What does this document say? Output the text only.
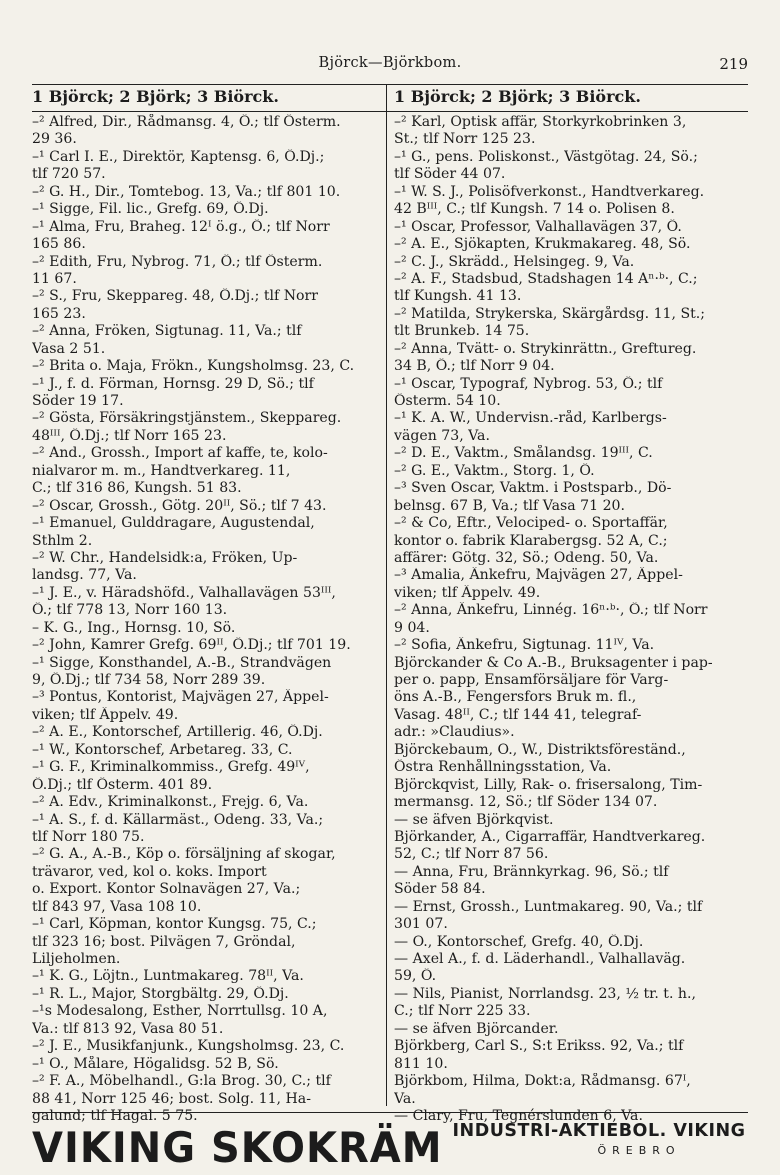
Björck—Björkbom.	219
1 Björck; 2 Björk; 3 Biörck.	1 Björck; 2 Björk; 3 Biörck.
–² Alfred, Dir., Rådmansg. 4, Ö.; tlf Österm.
29 36.
–¹ Carl I. E., Direktör, Kaptensg. 6, Ö.Dj.;
tlf 720 57.
–² G. H., Dir., Tomtebog. 13, Va.; tlf 801 10.
–¹ Sigge, Fil. lic., Grefg. 69, Ö.Dj.
–¹ Alma, Fru, Braheg. 12ᴵ ö.g., Ö.; tlf Norr
165 86.
–² Edith, Fru, Nybrog. 71, Ö.; tlf Österm.
11 67.
–² S., Fru, Skeppareg. 48, Ö.Dj.; tlf Norr
165 23.
–² Anna, Fröken, Sigtunag. 11, Va.; tlf
Vasa 2 51.
–² Brita o. Maja, Frökn., Kungsholmsg. 23, C.
–¹ J., f. d. Förman, Hornsg. 29 D, Sö.; tlf
Söder 19 17.
–² Gösta, Försäkringstjänstem., Skeppareg.
48ᴵᴵᴵ, Ö.Dj.; tlf Norr 165 23.
–² And., Grossh., Import af kaffe, te, kolo-
nialvaror m. m., Handtverkareg. 11,
C.; tlf 316 86, Kungsh. 51 83.
–² Oscar, Grossh., Götg. 20ᴵᴵ, Sö.; tlf 7 43.
–¹ Emanuel, Gulddragare, Augustendal,
Sthlm 2.
–² W. Chr., Handelsidk:a, Fröken, Up-
landsg. 77, Va.
–¹ J. E., v. Häradshöfd., Valhallavägen 53ᴵᴵᴵ,
Ö.; tlf 778 13, Norr 160 13.
– K. G., Ing., Hornsg. 10, Sö.
–² John, Kamrer Grefg. 69ᴵᴵ, Ö.Dj.; tlf 701 19.
–¹ Sigge, Konsthandel, A.-B., Strandvägen
9, Ö.Dj.; tlf 734 58, Norr 289 39.
–³ Pontus, Kontorist, Majvägen 27, Äppel-
viken; tlf Äppelv. 49.
–² A. E., Kontorschef, Artillerig. 46, Ö.Dj.
–¹ W., Kontorschef, Arbetareg. 33, C.
–¹ G. F., Kriminalkommiss., Grefg. 49ᴵⱽ,
Ö.Dj.; tlf Österm. 401 89.
–² A. Edv., Kriminalkonst., Frejg. 6, Va.
–¹ A. S., f. d. Källarmäst., Odeng. 33, Va.;
tlf Norr 180 75.
–² G. A., A.-B., Köp o. försäljning af skogar,
trävaror, ved, kol o. koks. Import
o. Export. Kontor Solnavägen 27, Va.;
tlf 843 97, Vasa 108 10.
–¹ Carl, Köpman, kontor Kungsg. 75, C.;
tlf 323 16; bost. Pilvägen 7, Gröndal,
Liljeholmen.
–¹ K. G., Löjtn., Luntmakareg. 78ᴵᴵ, Va.
–¹ R. L., Major, Storgbältg. 29, Ö.Dj.
–¹s Modesalong, Esther, Norrtullsg. 10 A,
Va.: tlf 813 92, Vasa 80 51.
–² J. E., Musikfanjunk., Kungsholmsg. 23, C.
–¹ O., Målare, Högalidsg. 52 B, Sö.
–² F. A., Möbelhandl., G:la Brog. 30, C.; tlf
88 41, Norr 125 46; bost. Solg. 11, Ha-
galund; tlf Hagal. 5 75.
–² Karl, Optisk affär, Storkyrkobrinken 3,
St.; tlf Norr 125 23.
–¹ G., pens. Poliskonst., Västgötag. 24, Sö.;
tlf Söder 44 07.
–¹ W. S. J., Polisöfverkonst., Handtverkareg.
42 Bᴵᴵᴵ, C.; tlf Kungsh. 7 14 o. Polisen 8.
–¹ Oscar, Professor, Valhallavägen 37, Ö.
–² A. E., Sjökapten, Krukmakareg. 48, Sö.
–² C. J., Skrädd., Helsingeg. 9, Va.
–² A. F., Stadsbud, Stadshagen 14 Aⁿ·ᵇ·, C.;
tlf Kungsh. 41 13.
–² Matilda, Strykerska, Skärgårdsg. 11, St.;
tlt Brunkeb. 14 75.
–² Anna, Tvätt- o. Strykinrättn., Greftureg.
34 B, Ö.; tlf Norr 9 04.
–¹ Oscar, Typograf, Nybrog. 53, Ö.; tlf
Österm. 54 10.
–¹ K. A. W., Undervisn.-råd, Karlbergs-
vägen 73, Va.
–² D. E., Vaktm., Smålandsg. 19ᴵᴵᴵ, C.
–² G. E., Vaktm., Storg. 1, Ö.
–³ Sven Oscar, Vaktm. i Postsparb., Dö-
belnsg. 67 B, Va.; tlf Vasa 71 20.
–² & Co, Eftr., Velociped- o. Sportaffär,
kontor o. fabrik Klarabergsg. 52 A, C.;
affärer: Götg. 32, Sö.; Odeng. 50, Va.
–³ Amalia, Änkefru, Majvägen 27, Äppel-
viken; tlf Äppelv. 49.
–² Anna, Änkefru, Linnég. 16ⁿ·ᵇ·, Ö.; tlf Norr
9 04.
–² Sofia, Änkefru, Sigtunag. 11ᴵⱽ, Va.
Björckander & Co A.-B., Bruksagenter i pap-
per o. papp, Ensamförsäljare för Varg-
öns A.-B., Fengersfors Bruk m. fl.,
Vasag. 48ᴵᴵ, C.; tlf 144 41, telegraf-
adr.: »Claudius».
Björckebaum, O., W., Distriktsföreständ.,
Östra Renhållningsstation, Va.
Björckqvist, Lilly, Rak- o. frisersalong, Tim-
mermansg. 12, Sö.; tlf Söder 134 07.
— se äfven Björkqvist.
Björkander, A., Cigarraffär, Handtverkareg.
52, C.; tlf Norr 87 56.
— Anna, Fru, Brännkyrkag. 96, Sö.; tlf
Söder 58 84.
— Ernst, Grossh., Luntmakareg. 90, Va.; tlf
301 07.
— O., Kontorschef, Grefg. 40, Ö.Dj.
— Axel A., f. d. Läderhandl., Valhallaväg.
59, Ö.
— Nils, Pianist, Norrlandsg. 23, ½ tr. t. h.,
C.; tlf Norr 225 33.
— se äfven Björcander.
Björkberg, Carl S., S:t Erikss. 92, Va.; tlf
811 10.
Björkbom, Hilma, Dokt:a, Rådmansg. 67ᴵ,
Va.
— Clary, Fru, Tegnérslunden 6, Va.
VIKING SKOKRÄM INDUSTRI-AKTIEBOL. VIKING
ÖREBRO
